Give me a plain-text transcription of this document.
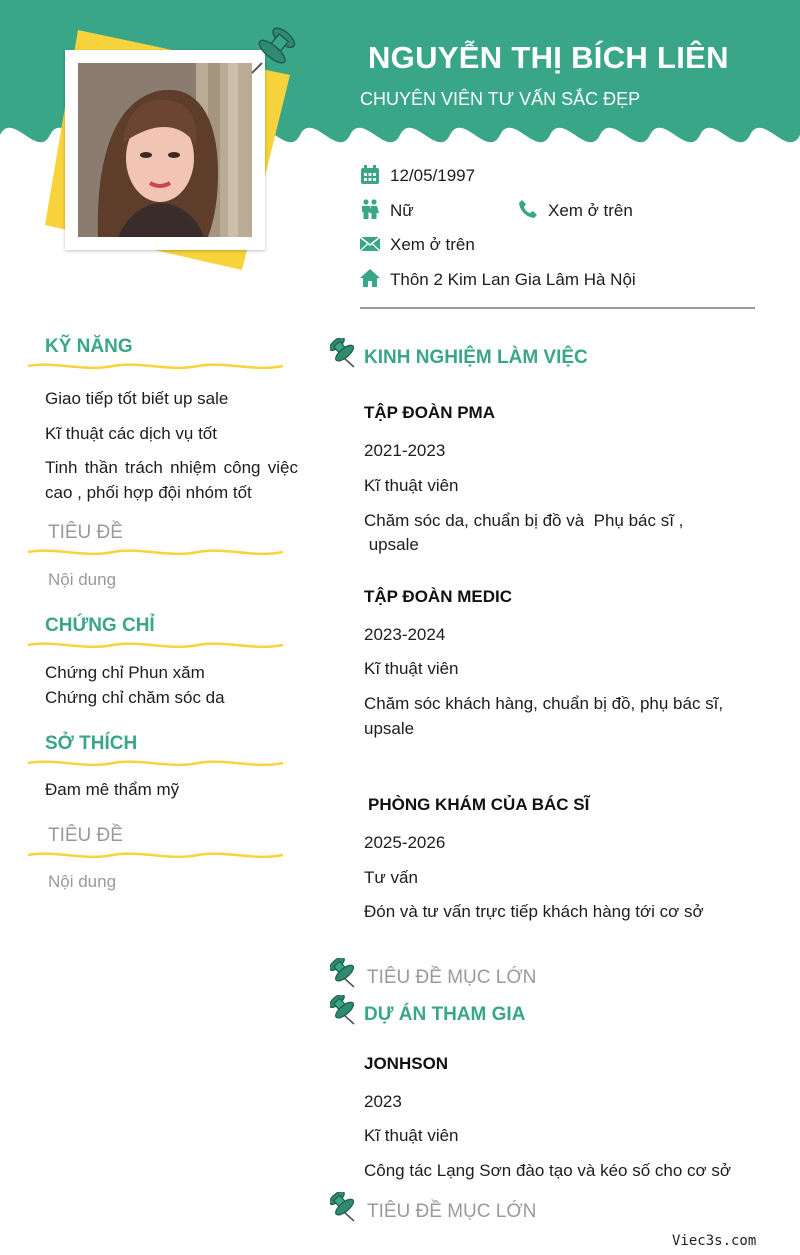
NGUYỄN THỊ BÍCH LIÊN
CHUYÊN VIÊN TƯ VẤN SẮC ĐẸP
12/05/1997
Nữ	Xem ở trên
Xem ở trên
Thôn 2 Kim Lan Gia Lâm Hà Nội
KỸ NĂNG
Giao tiếp tốt biết up sale
Kĩ thuật các dịch vụ tốt
Tinh thần trách nhiệm công việc cao , phối hợp đội nhóm tốt
TIÊU ĐỀ
Nội dung
CHỨNG CHỈ
Chứng chỉ Phun xăm
Chứng chỉ chăm sóc da
SỞ THÍCH
Đam mê thẩm mỹ
TIÊU ĐỀ
Nội dung
KINH NGHIỆM LÀM VIỆC
TẬP ĐOÀN PMA
2021-2023
Kĩ thuật viên
Chăm sóc da, chuẩn bị đồ và  Phụ bác sĩ ,
upsale
TẬP ĐOÀN MEDIC
2023-2024
Kĩ thuật viên
Chăm sóc khách hàng, chuẩn bị đồ, phụ bác sĩ,
upsale
PHÒNG KHÁM CỦA BÁC SĨ
2025-2026
Tư vấn
Đón và tư vấn trực tiếp khách hàng tới cơ sở
TIÊU ĐỀ MỤC LỚN
DỰ ÁN THAM GIA
JONHSON
2023
Kĩ thuật viên
Công tác Lạng Sơn đào tạo và kéo số cho cơ sở
TIÊU ĐỀ MỤC LỚN
Viec3s.com
